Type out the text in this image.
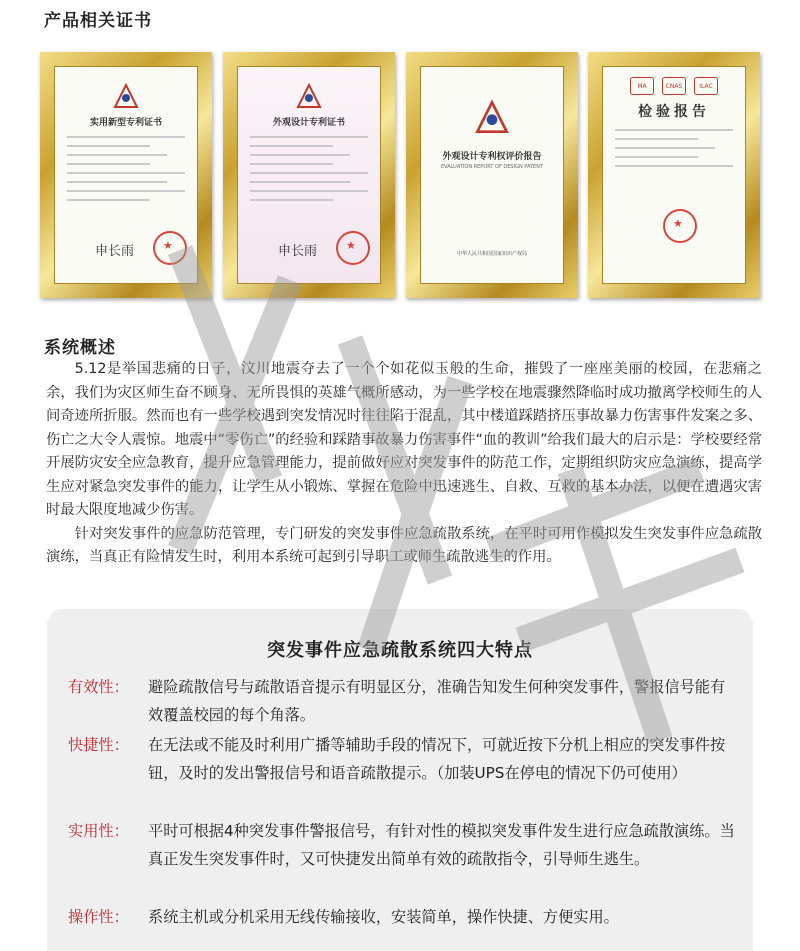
产品相关证书
实用新型专利证书
申长雨
★
外观设计专利证书
申长雨
★
外观设计专利权评价报告
EVALUATION REPORT OF DESIGN PATENT
中华人民共和国国家知识产权局
MA	CNAS	ILAC
检验报告
★
系统概述

5.12是举国悲痛的日子，汶川地震夺去了一个个如花似玉般的生命，摧毁了一座座美丽的校园，在悲痛之余，我们为灾区师生奋不顾身、无所畏惧的英雄气概所感动，为一些学校在地震骤然降临时成功撤离学校师生的人间奇迹所折服。然而也有一些学校遇到突发情况时往往陷于混乱，其中楼道踩踏挤压事故暴力伤害事件发案之多、伤亡之大令人震惊。地震中“零伤亡”的经验和踩踏事故暴力伤害事件“血的教训”给我们最大的启示是：学校要经常开展防灾安全应急教育，提升应急管理能力，提前做好应对突发事件的防范工作，定期组织防灾应急演练，提高学生应对紧急突发事件的能力，让学生从小锻炼、掌握在危险中迅速逃生、自救、互救的基本办法，以便在遭遇灾害时最大限度地减少伤害。

针对突发事件的应急防范管理，专门研发的突发事件应急疏散系统，在平时可用作模拟发生突发事件应急疏散演练，当真正有险情发生时，利用本系统可起到引导职工或师生疏散逃生的作用。

突发事件应急疏散系统四大特点
有效性：	避险疏散信号与疏散语音提示有明显区分，准确告知发生何种突发事件，警报信号能有效覆盖校园的每个角落。
快捷性：	在无法或不能及时利用广播等辅助手段的情况下，可就近按下分机上相应的突发事件按钮，及时的发出警报信号和语音疏散提示。（加装UPS在停电的情况下仍可使用）
实用性：	平时可根据4种突发事件警报信号，有针对性的模拟突发事件发生进行应急疏散演练。当真正发生突发事件时，又可快捷发出简单有效的疏散指令，引导师生逃生。
操作性：	系统主机或分机采用无线传输接收，安装简单，操作快捷、方便实用。
